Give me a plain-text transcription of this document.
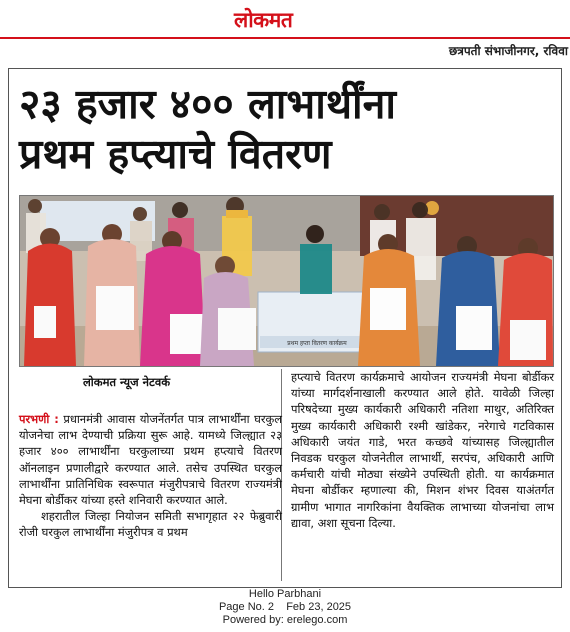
लोकमत
छत्रपती संभाजीनगर, रविवा
२३ हजार ४०० लाभार्थींना
प्रथम हप्त्याचे वितरण
प्रथम हप्ता वितरण कार्यक्रम
लोकमत न्यूज नेटवर्क

परभणी : प्रधानमंत्री आवास योजनेंतर्गत पात्र लाभार्थींना घरकुल योजनेचा लाभ देण्याची प्रक्रिया सुरू आहे. यामध्ये जिल्ह्यात २३ हजार ४०० लाभार्थींना घरकुलाच्या प्रथम हप्त्याचे वितरण ऑनलाइन प्रणालीद्वारे करण्यात आले. तसेच उपस्थित घरकुल लाभार्थींना प्रातिनिधिक स्वरूपात मंजुरीपत्राचे वितरण राज्यमंत्री मेघना बोर्डीकर यांच्या हस्ते शनिवारी करण्यात आले.

शहरातील जिल्हा नियोजन समिती सभागृहात २२ फेब्रुवारी रोजी घरकुल लाभार्थींना मंजुरीपत्र व प्रथम

हप्त्याचे वितरण कार्यक्रमाचे आयोजन राज्यमंत्री मेघना बोर्डीकर यांच्या मार्गदर्शनाखाली करण्यात आले होते. यावेळी जिल्हा परिषदेच्या मुख्य कार्यकारी अधिकारी नतिशा माथुर, अतिरिक्त मुख्य कार्यकारी अधिकारी रश्मी खांडेकर, नरेगाचे गटविकास अधिकारी जयंत गाडे, भरत कच्छवे यांच्यासह जिल्ह्यातील निवडक घरकुल योजनेतील लाभार्थी, सरपंच, अधिकारी आणि कर्मचारी यांची मोठ्या संख्येने उपस्थिती होती. या कार्यक्रमात मेघना बोर्डीकर म्हणाल्या की, मिशन शंभर दिवस याअंतर्गत ग्रामीण भागात नागरिकांना वैयक्तिक लाभाच्या योजनांचा लाभ द्यावा, अशा सूचना दिल्या.

Hello Parbhani
Page No. 2    Feb 23, 2025
Powered by: erelego.com
